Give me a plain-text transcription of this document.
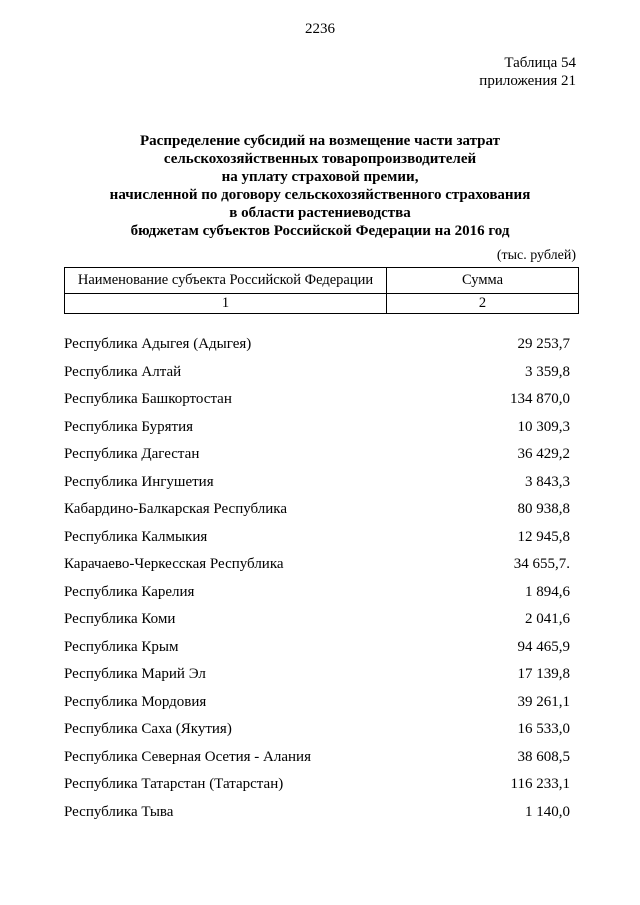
2236
Таблица 54
приложения 21
Распределение субсидий на возмещение части затрат
сельскохозяйственных товаропроизводителей
на уплату страховой премии,
начисленной по договору сельскохозяйственного страхования
в области растениеводства
бюджетам субъектов Российской Федерации на 2016 год
(тыс. рублей)
Наименование субъекта Российской Федерации	Сумма
1	2
Республика Адыгея (Адыгея)	29 253,7
Республика Алтай	3 359,8
Республика Башкортостан	134 870,0
Республика Бурятия	10 309,3
Республика Дагестан	36 429,2
Республика Ингушетия	3 843,3
Кабардино-Балкарская Республика	80 938,8
Республика Калмыкия	12 945,8
Карачаево-Черкесская Республика	34 655,7.
Республика Карелия	1 894,6
Республика Коми	2 041,6
Республика Крым	94 465,9
Республика Марий Эл	17 139,8
Республика Мордовия	39 261,1
Республика Саха (Якутия)	16 533,0
Республика Северная Осетия - Алания	38 608,5
Республика Татарстан (Татарстан)	116 233,1
Республика Тыва	1 140,0
